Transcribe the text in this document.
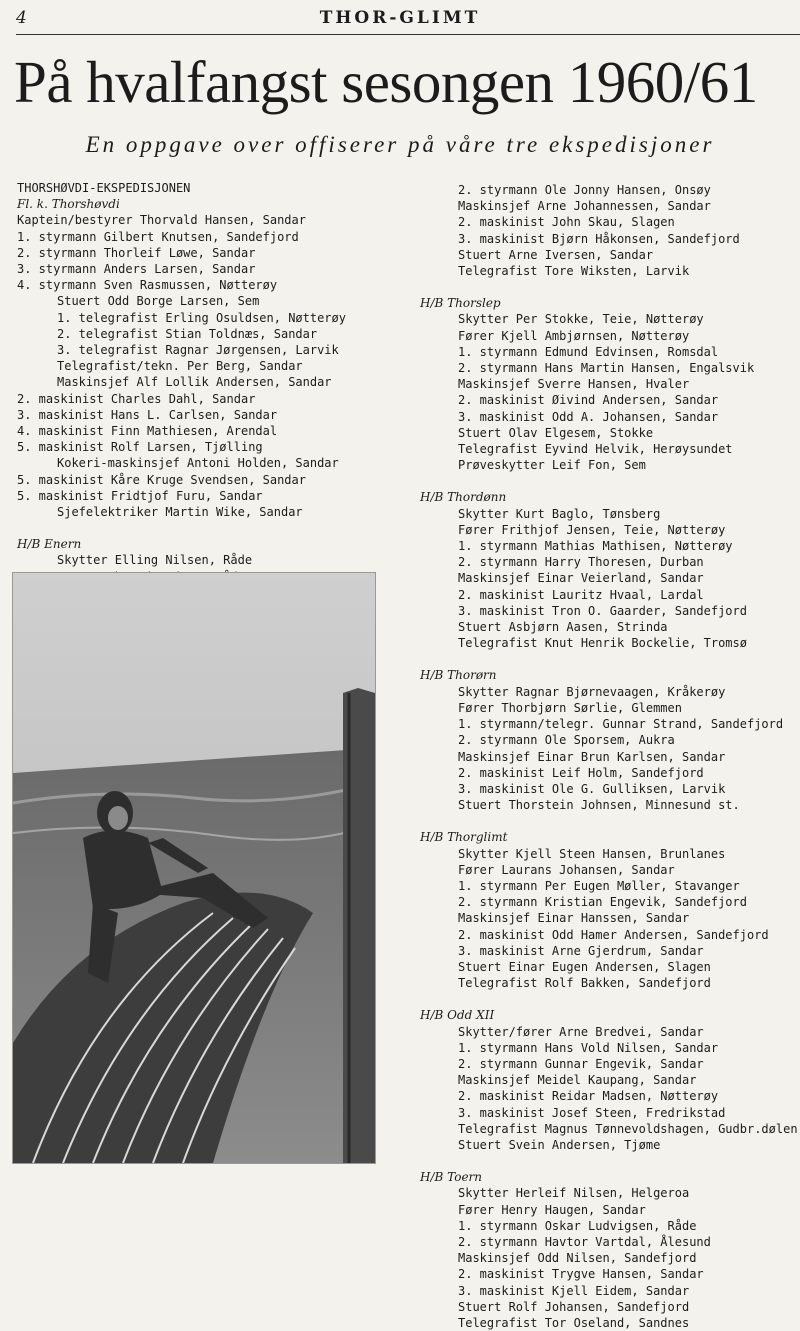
4	THOR-GLIMT
På hvalfangst sesongen 1960/61
En oppgave over offiserer på våre tre ekspedisjoner
THORSHØVDI-EKSPEDISJONEN
Fl. k. Thorshøvdi
Kaptein/bestyrer Thorvald Hansen, Sandar
1. styrmann Gilbert Knutsen, Sandefjord
2. styrmann Thorleif Løwe, Sandar
3. styrmann Anders Larsen, Sandar
4. styrmann Sven Rasmussen, Nøtterøy
Stuert Odd Borge Larsen, Sem
1. telegrafist Erling Osuldsen, Nøtterøy
2. telegrafist Stian Toldnæs, Sandar
3. telegrafist Ragnar Jørgensen, Larvik
Telegrafist/tekn. Per Berg, Sandar
Maskinsjef Alf Lollik Andersen, Sandar
2. maskinist Charles Dahl, Sandar
3. maskinist Hans L. Carlsen, Sandar
4. maskinist Finn Mathiesen, Arendal
5. maskinist Rolf Larsen, Tjølling
Kokeri-maskinsjef Antoni Holden, Sandar
5. maskinist Kåre Kruge Svendsen, Sandar
5. maskinist Fridtjof Furu, Sandar
Sjefelektriker Martin Wike, Sandar
H/B Enern
Skytter Elling Nilsen, Råde
2. styrmann Ole Jonny Hansen, Onsøy
Maskinsjef Arne Johannessen, Sandar
2. maskinist John Skau, Slagen
3. maskinist Bjørn Håkonsen, Sandefjord
Stuert Arne Iversen, Sandar
Telegrafist Tore Wiksten, Larvik
H/B Thorslep
Skytter Per Stokke, Teie, Nøtterøy
Fører Kjell Ambjørnsen, Nøtterøy
1. styrmann Edmund Edvinsen, Romsdal
2. styrmann Hans Martin Hansen, Engalsvik
Maskinsjef Sverre Hansen, Hvaler
2. maskinist Øivind Andersen, Sandar
3. maskinist Odd A. Johansen, Sandar
Stuert Olav Elgesem, Stokke
Telegrafist Eyvind Helvik, Herøysundet
Prøveskytter Leif Fon, Sem
H/B Thordønn
Skytter Kurt Baglo, Tønsberg
Fører Frithjof Jensen, Teie, Nøtterøy
1. styrmann Mathias Mathisen, Nøtterøy
2. styrmann Harry Thoresen, Durban
Maskinsjef Einar Veierland, Sandar
2. maskinist Lauritz Hvaal, Lardal
3. maskinist Tron O. Gaarder, Sandefjord
Stuert Asbjørn Aasen, Strinda
Telegrafist Knut Henrik Bockelie, Tromsø
H/B Thorørn
Skytter Ragnar Bjørnevaagen, Kråkerøy
Fører Thorbjørn Sørlie, Glemmen
1. styrmann/telegr. Gunnar Strand, Sandefjord
2. styrmann Ole Sporsem, Aukra
Maskinsjef Einar Brun Karlsen, Sandar
2. maskinist Leif Holm, Sandefjord
3. maskinist Ole G. Gulliksen, Larvik
Stuert Thorstein Johnsen, Minnesund st.
H/B Thorglimt
Skytter Kjell Steen Hansen, Brunlanes
Fører Laurans Johansen, Sandar
1. styrmann Per Eugen Møller, Stavanger
2. styrmann Kristian Engevik, Sandefjord
Maskinsjef Einar Hanssen, Sandar
2. maskinist Odd Hamer Andersen, Sandefjord
3. maskinist Arne Gjerdrum, Sandar
Stuert Einar Eugen Andersen, Slagen
Telegrafist Rolf Bakken, Sandefjord
H/B Odd XII
Skytter/fører Arne Bredvei, Sandar
1. styrmann Hans Vold Nilsen, Sandar
2. styrmann Gunnar Engevik, Sandar
Maskinsjef Meidel Kaupang, Sandar
2. maskinist Reidar Madsen, Nøtterøy
3. maskinist Josef Steen, Fredrikstad
Telegrafist Magnus Tønnevoldshagen, Gudbr.dølen
Stuert Svein Andersen, Tjøme
H/B Toern
Skytter Herleif Nilsen, Helgeroa
Fører Henry Haugen, Sandar
1. styrmann Oskar Ludvigsen, Råde
2. styrmann Havtor Vartdal, Ålesund
Maskinsjef Odd Nilsen, Sandefjord
2. maskinist Trygve Hansen, Sandar
3. maskinist Kjell Eidem, Sandar
Stuert Rolf Johansen, Sandefjord
Telegrafist Tor Oseland, Sandnes
